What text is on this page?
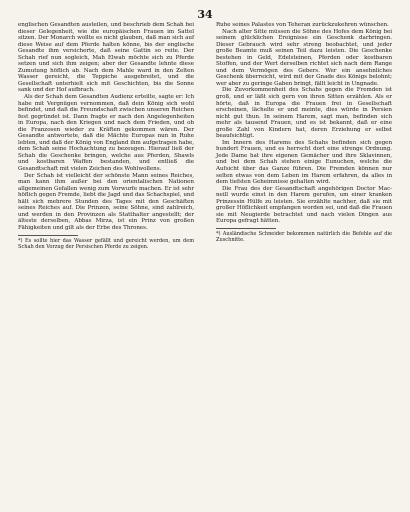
34

englischen Gesandten austeilen, und beschrieb dem Schah bei dieser Gelegenheit, wie die europäischen Frauen im Sattel sitzen. Der Monarch wollte es nicht glauben, daß man sich auf diese Weise auf dem Pferde halten könne, bis der englische Gesandte ihm versicherte, daß seine Gattin so reite. Der Schah rief nun sogleich, Mah Elwah möchte sich zu Pferde setzen und sich ihm zeigen; aber der Gesandte lehnte diese Zumutung höflich ab. Nach dem Mahle ward in den Zelten Wasser gereicht, die Teppiche ausgebreitet, und die Gesellschaft unterhielt sich mit Geschichten, bis die Sonne sank und der Hof aufbrach.

Als der Schah dem Gesandten Audienz erteilte, sagte er: Ich habe mit Vergnügen vernommen, daß dein König sich wohl befindet, und daß die Freundschaft zwischen unseren Reichen fest gegründet ist. Dann fragte er nach den Angelegenheiten in Europa, nach den Kriegen und nach dem Frieden, und ob die Franzosen wieder zu Kräften gekommen wären. Der Gesandte antwortete, daß die Mächte Europas nun in Ruhe lebten, und daß der König von England ihm aufgetragen habe, dem Schah seine Hochachtung zu bezeugen. Hierauf ließ der Schah die Geschenke bringen, welche aus Pferden, Shawls und kostbaren Waffen bestanden, und entließ die Gesandtschaft mit vielen Zeichen des Wohlwollens.

Der Schah ist vielleicht der schönste Mann seines Reiches, man kann ihm außer bei den orientalischen Nationen allgemeinen Gefallen wenig zum Vorwurfe machen. Er ist sehr höflich gegen Fremde, liebt die Jagd und das Schachspiel, und hält sich mehrere Stunden des Tages mit den Geschäften seines Reiches auf. Die Prinzen, seine Söhne, sind zahlreich, und werden in den Provinzen als Statthalter angestellt; der älteste derselben, Abbas Mirza, ist ein Prinz von großen Fähigkeiten und gilt als der Erbe des Thrones.

*) Es sollte hier das Wasser gefällt und gereicht werden, um dem Schah den Vorzug der Persischen Pferde zu zeigen.

Ruhe seines Palastes von Teheran zurückzukehren wünschen.

Nach alter Sitte müssen die Söhne des Hofes dem König bei seinem glücklichen Ereignisse ein Geschenk darbringen. Dieser Gebrauch wird sehr streng beobachtet, und jeder große Beamte muß seinen Teil dazu leisten. Die Geschenke bestehen in Geld, Edelsteinen, Pferden oder kostbaren Stoffen, und der Wert derselben richtet sich nach dem Range und dem Vermögen des Gebers. Wer ein ansehnliches Geschenk überreicht, wird mit der Gnade des Königs belohnt; wer aber zu geringe Gaben bringt, fällt leicht in Ungnade.

Die Zuvorkommenheit des Schahs gegen die Fremden ist groß, und er läßt sich gern von ihren Sitten erzählen. Als er hörte, daß in Europa die Frauen frei in Gesellschaft erscheinen, lächelte er und meinte, dies würde in Persien nicht gut thun. In seinem Harem, sagt man, befinden sich mehr als tausend Frauen, und es ist bekannt, daß er eine große Zahl von Kindern hat, deren Erziehung er selbst beaufsichtigt.

Im Innern des Harems des Schahs befinden sich gegen hundert Frauen, und es herrscht dort eine strenge Ordnung. Jede Dame hat ihre eigenen Gemächer und ihre Sklavinnen, und bei dem Schah stehen einige Eunuchen, welche die Aufsicht über das Ganze führen. Die Fremden können nur selten etwas von dem Leben im Harem erfahren, da alles in dem tiefsten Geheimnisse gehalten wird.

Die Frau des der Gesandtschaft angehörigen Doctor Mac-neill wurde einst in den Harem gerufen, um einer kranken Prinzessin Hülfe zu leisten. Sie erzählte nachher, daß sie mit großer Höflichkeit empfangen worden sei, und daß die Frauen sie mit Neugierde betrachtet und nach vielen Dingen aus Europa gefragt hätten.

*) Ausländische Schneider bekommen natürlich die Befehle auf die Zuschnitte.
